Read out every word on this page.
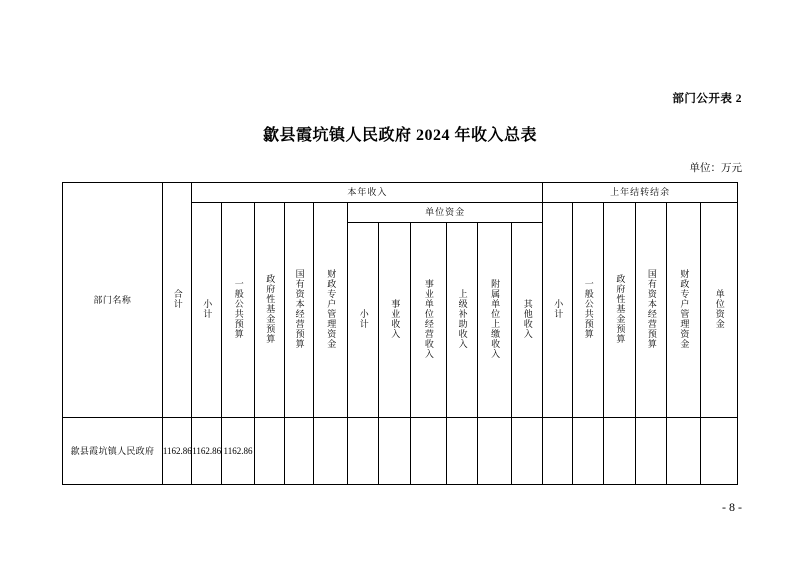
部门公开表 2
歙县霞坑镇人民政府 2024 年收入总表
单位：万元
部门名称	合计	本年收入											上年结转结余					
		小计	一般公共预算	政府性基金预算	国有资本经营预算	财政专户管理资金	单位资金						小计	一般公共预算	政府性基金预算	国有资本经营预算	财政专户管理资金	单位资金
							小计	事业收入	事业单位经营收入	上级补助收入	附属单位上缴收入	其他收入						

歙县霞坑镇人民政府	1162.86	1162.86	1162.86															
- 8 -
